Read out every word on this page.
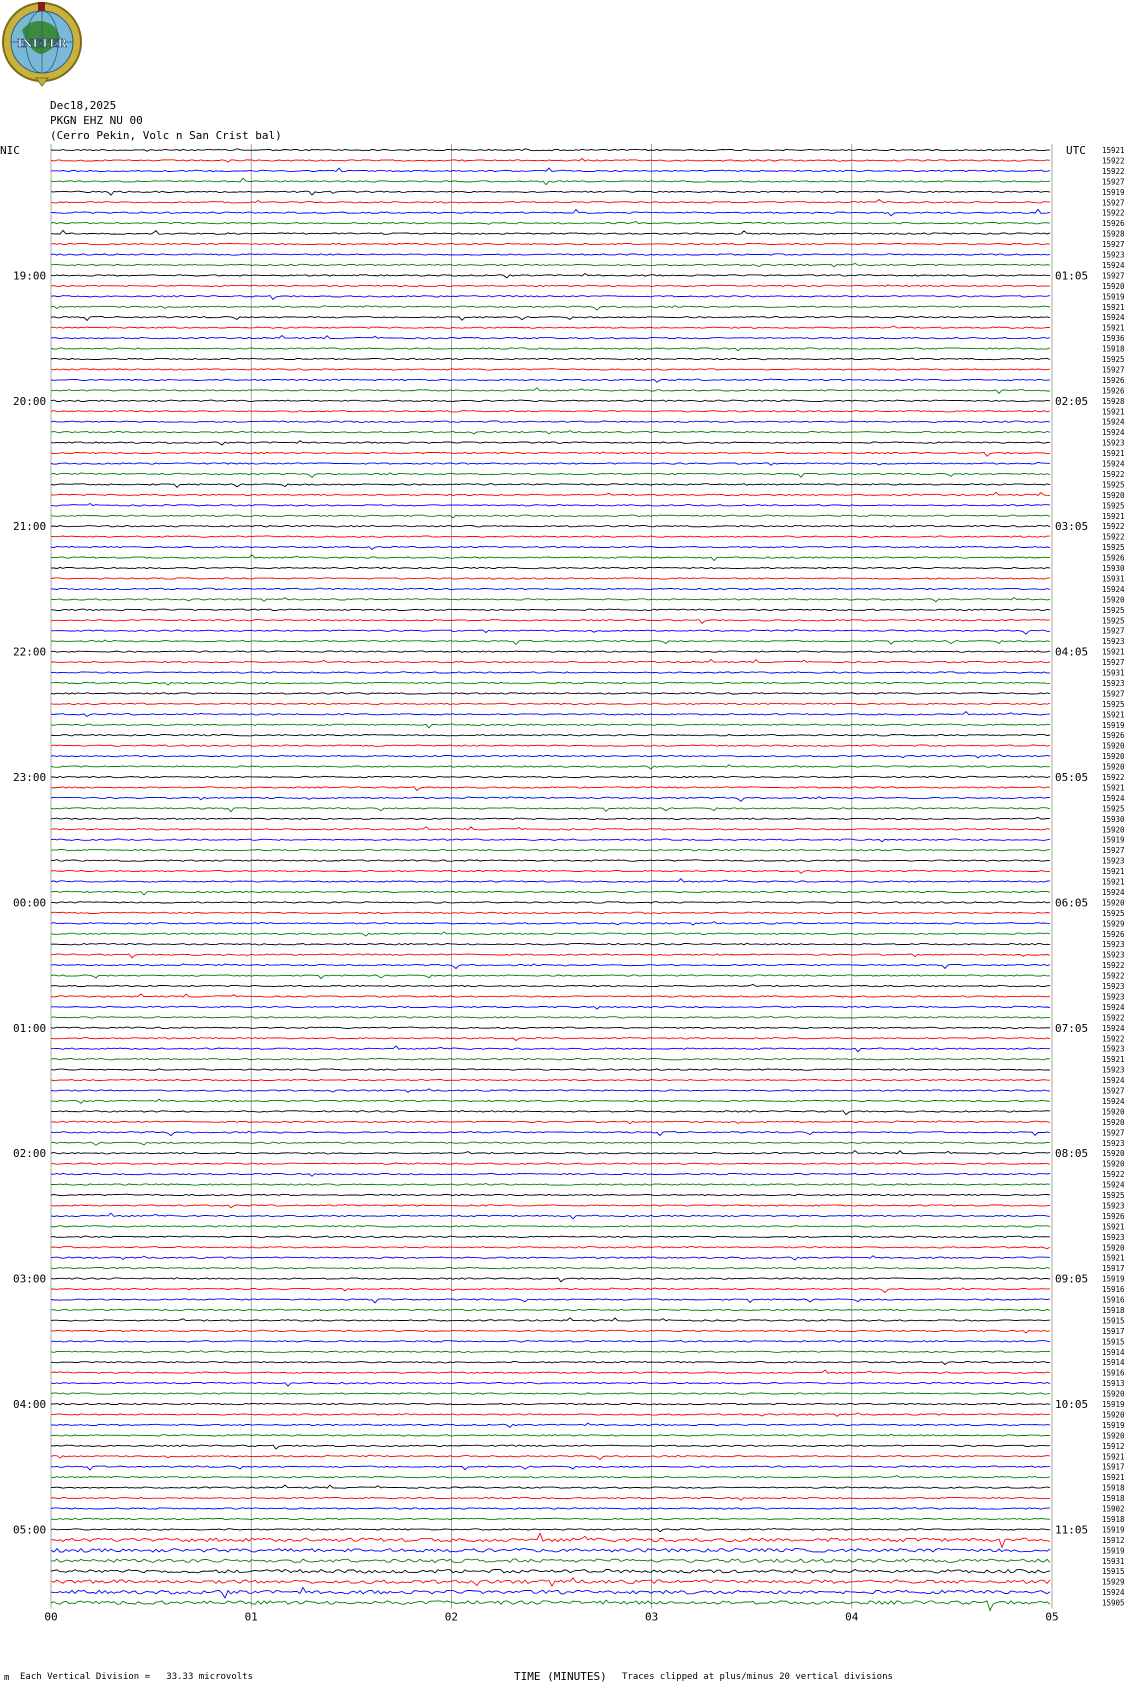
INETER
Dec18,2025
PKGN EHZ NU 00
(Cerro Pekin, Volc n San Crist bal)
00	01	02	03	04	05
15921
15922
15922
15927
15919
15927
15922
15926
15928
15927
15923
15924
15927
15920
15919
15921
15924
15921
15936
15918
15925
15927
15926
15926
15928
15921
15924
15924
15923
15921
15924
15922
15925
15920
15925
15921
15922
15922
15925
15926
15930
15931
15924
15920
15925
15925
15927
15923
15921
15927
15931
15923
15927
15925
15921
15919
15926
15920
15920
15920
15922
15921
15924
15925
15930
15920
15919
15927
15923
15921
15921
15924
15920
15925
15929
15926
15923
15923
15922
15922
15923
15923
15924
15922
15924
15922
15923
15921
15923
15924
15927
15924
15920
15920
15927
15923
15920
15920
15922
15924
15925
15923
15926
15921
15923
15920
15921
15917
15919
15916
15916
15918
15915
15917
15915
15914
15914
15916
15913
15920
15919
15920
15919
15920
15912
15921
15917
15921
15918
15918
15902
15918
15919
15912
15919
15931
15915
15929
15924
15905
NIC	UTC
19:00	01:05
20:00	02:05
21:00	03:05
22:00	04:05
23:00	05:05
00:00	06:05
01:00	07:05
02:00	08:05
03:00	09:05
04:00	10:05
05:00	11:05
m Each Vertical Division =   33.33 microvolts	TIME (MINUTES) Traces clipped at plus/minus 20 vertical divisions
